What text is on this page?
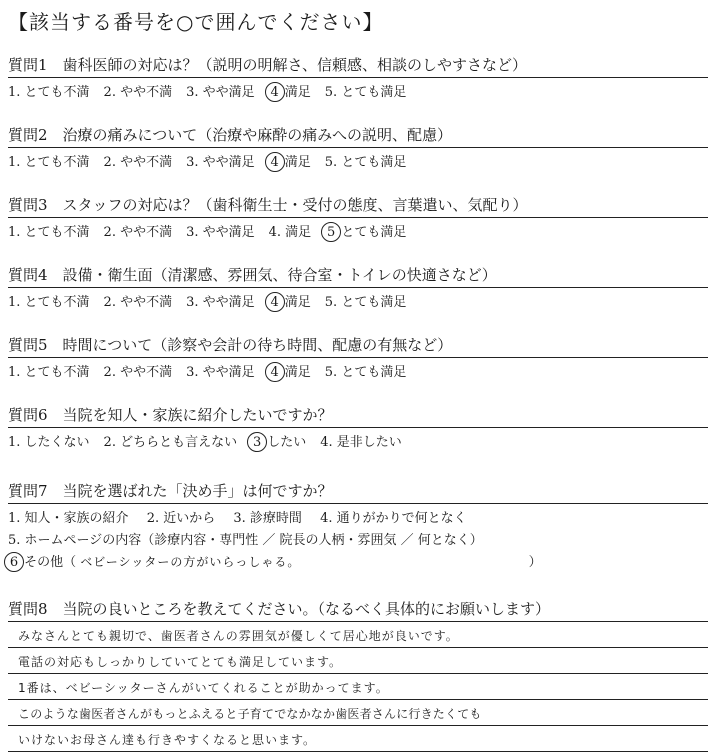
【該当する番号を○で囲んでください】
質問1　歯科医師の対応は？（説明の明解さ、信頼感、相談のしやすさなど）
1. とても不満 2. やや不満 3. やや満足 4 満足 5. とても満足
質問2　治療の痛みについて（治療や麻酔の痛みへの説明、配慮）
1. とても不満 2. やや不満 3. やや満足 4 満足 5. とても満足
質問3　スタッフの対応は？（歯科衛生士・受付の態度、言葉遣い、気配り）
1. とても不満 2. やや不満 3. やや満足 4. 満足 5 とても満足
質問4　設備・衛生面（清潔感、雰囲気、待合室・トイレの快適さなど）
1. とても不満 2. やや不満 3. やや満足 4 満足 5. とても満足
質問5　時間について（診察や会計の待ち時間、配慮の有無など）
1. とても不満 2. やや不満 3. やや満足 4 満足 5. とても満足
質問6　当院を知人・家族に紹介したいですか？
1. したくない 2. どちらとも言えない 3 したい 4. 是非したい
質問7　当院を選ばれた「決め手」は何ですか？
1. 知人・家族の紹介 2. 近いから 3. 診療時間 4. 通りがかりで何となく
5. ホームページの内容（診療内容・専門性 ／ 院長の人柄・雰囲気 ／ 何となく）
6 その他（ ベビーシッターの方がいらっしゃる。	）
質問8　当院の良いところを教えてください。（なるべく具体的にお願いします）
みなさんとても親切で、歯医者さんの雰囲気が優しくて居心地が良いです。
電話の対応もしっかりしていてとても満足しています。
1番は、ベビーシッターさんがいてくれることが助かってます。
このような歯医者さんがもっとふえると子育てでなかなか歯医者さんに行きたくても
いけないお母さん達も行きやすくなると思います。
